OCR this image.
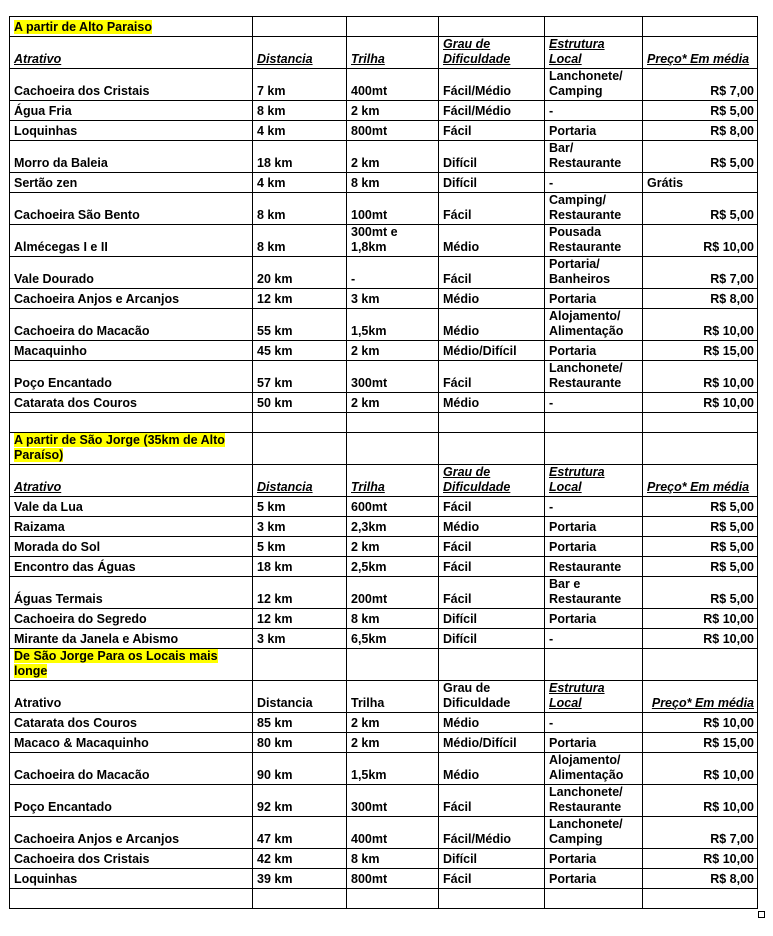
A partir de Alto Paraiso					
Atrativo	Distancia	Trilha	Grau de Dificuldade	Estrutura Local	Preço* Em média
Cachoeira dos Cristais	7 km	400mt	Fácil/Médio	Lanchonete/ Camping	R$ 7,00
Água Fria	8 km	2 km	Fácil/Médio	-	R$ 5,00
Loquinhas	4 km	800mt	Fácil	Portaria	R$ 8,00
Morro da Baleia	18 km	2 km	Difícil	Bar/ Restaurante	R$ 5,00
Sertão zen	4 km	8 km	Difícil	-	Grátis
Cachoeira São Bento	8 km	100mt	Fácil	Camping/ Restaurante	R$ 5,00
Almécegas I e II	8 km	300mt e 1,8km	Médio	Pousada Restaurante	R$ 10,00
Vale Dourado	20 km	-	Fácil	Portaria/ Banheiros	R$ 7,00
Cachoeira Anjos e Arcanjos	12 km	3 km	Médio	Portaria	R$ 8,00
Cachoeira do Macacão	55 km	1,5km	Médio	Alojamento/ Alimentação	R$ 10,00
Macaquinho	45 km	2 km	Médio/Difícil	Portaria	R$ 15,00
Poço Encantado	57 km	300mt	Fácil	Lanchonete/ Restaurante	R$ 10,00
Catarata dos Couros	50 km	2 km	Médio	-	R$ 10,00

A partir de São Jorge (35km de Alto Paraíso)					
Atrativo	Distancia	Trilha	Grau de Dificuldade	Estrutura Local	Preço* Em média
Vale da Lua	5 km	600mt	Fácil	-	R$ 5,00
Raizama	3 km	2,3km	Médio	Portaria	R$ 5,00
Morada do Sol	5 km	2 km	Fácil	Portaria	R$ 5,00
Encontro das Águas	18 km	2,5km	Fácil	Restaurante	R$ 5,00
Águas Termais	12 km	200mt	Fácil	Bar e Restaurante	R$ 5,00
Cachoeira do Segredo	12 km	8 km	Difícil	Portaria	R$ 10,00
Mirante da Janela e Abismo	3 km	6,5km	Difícil	-	R$ 10,00
De São Jorge Para os Locais mais longe					
Atrativo	Distancia	Trilha	Grau de Dificuldade	Estrutura Local	Preço* Em média
Catarata dos Couros	85 km	2 km	Médio	-	R$ 10,00
Macaco & Macaquinho	80 km	2 km	Médio/Difícil	Portaria	R$ 15,00
Cachoeira do Macacão	90 km	1,5km	Médio	Alojamento/ Alimentação	R$ 10,00
Poço Encantado	92 km	300mt	Fácil	Lanchonete/ Restaurante	R$ 10,00
Cachoeira Anjos e Arcanjos	47 km	400mt	Fácil/Médio	Lanchonete/ Camping	R$ 7,00
Cachoeira dos Cristais	42 km	8 km	Difícil	Portaria	R$ 10,00
Loquinhas	39 km	800mt	Fácil	Portaria	R$ 8,00
